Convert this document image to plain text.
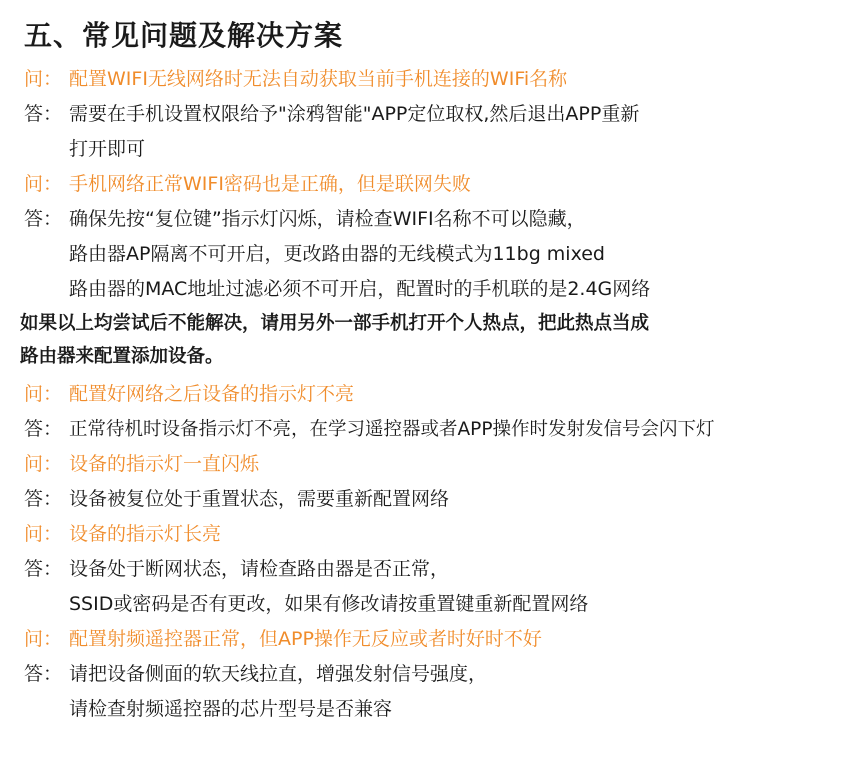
五、常见问题及解决方案
问： 配置WIFI无线网络时无法自动获取当前手机连接的WIFi名称
答： 需要在手机设置权限给予"涂鸦智能"APP定位取权,然后退出APP重新
打开即可
问： 手机网络正常WIFI密码也是正确，但是联网失败
答： 确保先按“复位键”指示灯闪烁，请检查WIFI名称不可以隐藏，
路由器AP隔离不可开启，更改路由器的无线模式为11bg mixed
路由器的MAC地址过滤必须不可开启，配置时的手机联的是2.4G网络
如果以上均尝试后不能解决，请用另外一部手机打开个人热点，把此热点当成
路由器来配置添加设备。
问： 配置好网络之后设备的指示灯不亮
答： 正常待机时设备指示灯不亮，在学习遥控器或者APP操作时发射发信号会闪下灯
问： 设备的指示灯一直闪烁
答： 设备被复位处于重置状态，需要重新配置网络
问： 设备的指示灯长亮
答： 设备处于断网状态，请检查路由器是否正常，
SSID或密码是否有更改，如果有修改请按重置键重新配置网络
问： 配置射频遥控器正常，但APP操作无反应或者时好时不好
答： 请把设备侧面的软天线拉直，增强发射信号强度，
请检查射频遥控器的芯片型号是否兼容
